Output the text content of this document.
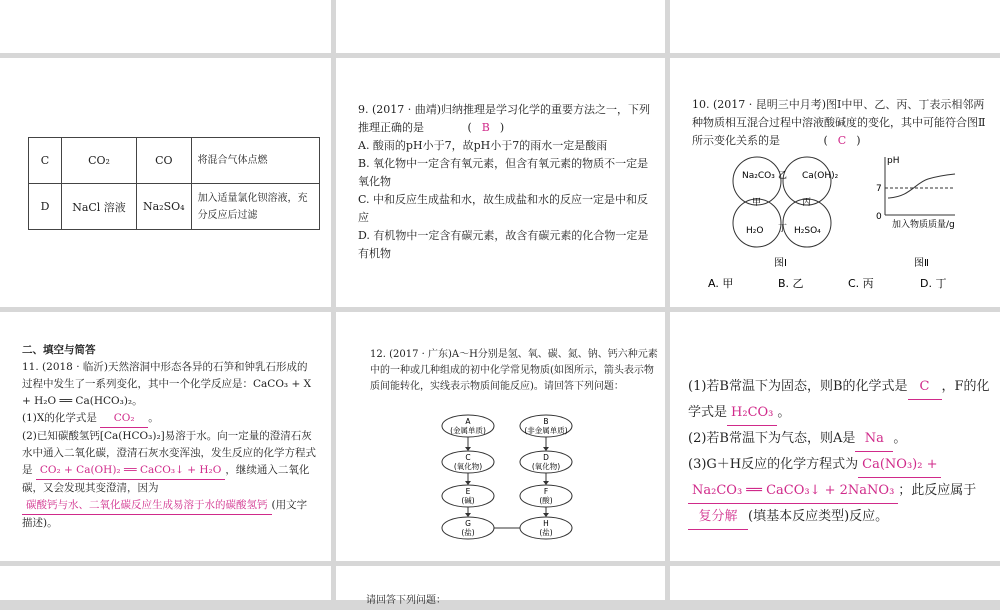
C	CO₂	CO	将混合气体点燃
D	NaCl 溶液	Na₂SO₄	加入适量氯化钡溶液，充分反应后过滤

9. (2017 · 曲靖)归纳推理是学习化学的重要方法之一，下列推理正确的是	( B )

A. 酸雨的pH小于7，故pH小于7的雨水一定是酸雨

B. 氧化物中一定含有氧元素，但含有氧元素的物质不一定是氧化物

C. 中和反应生成盐和水，故生成盐和水的反应一定是中和反应

D. 有机物中一定含有碳元素，故含有碳元素的化合物一定是有机物

10. (2017 · 昆明三中月考)图Ⅰ中甲、乙、丙、丁表示相邻两种物质相互混合过程中溶液酸碱度的变化，其中可能符合图Ⅱ所示变化关系的是	( C )

Na₂CO₃	Ca(OH)₂
H₂O	H₂SO₄
甲
乙
丙
丁
图Ⅰ
pH
7
0
加入物质质量/g
图Ⅱ
A. 甲	B. 乙	C. 丙	D. 丁

二、填空与简答

11. (2018 · 临沂)天然溶洞中形态各异的石笋和钟乳石形成的过程中发生了一系列变化，其中一个化学反应是：CaCO₃ + X + H₂O ══ Ca(HCO₃)₂。

(1)X的化学式是 CO₂ 。

(2)已知碳酸氢钙[Ca(HCO₃)₂]易溶于水。向一定量的澄清石灰水中通入二氧化碳，澄清石灰水变浑浊，发生反应的化学方程式是 CO₂ + Ca(OH)₂ ══ CaCO₃↓ + H₂O ，继续通入二氧化碳，又会发现其变澄清，因为 碳酸钙与水、二氧化碳反应生成易溶于水的碳酸氢钙 (用文字描述)。

12. (2017 · 广东)A～H分别是氢、氧、碳、氮、钠、钙六种元素中的一种或几种组成的初中化学常见物质(如图所示，箭头表示物质间能转化，实线表示物质间能反应)。请回答下列问题：
A
(金属单质)
B
(非金属单质)
C
(氧化物)
D
(氧化物)
E
(碱)
F
(酸)
G
(盐)
H
(盐)

(1)若B常温下为固态，则B的化学式是 C ，F的化学式是 H₂CO₃ 。

(2)若B常温下为气态，则A是 Na 。

(3)G＋H反应的化学方程式为 Ca(NO₃)₂ + Na₂CO₃ ══ CaCO₃↓ + 2NaNO₃ ；此反应属于复分解 (填基本反应类型)反应。

请回答下列问题：
